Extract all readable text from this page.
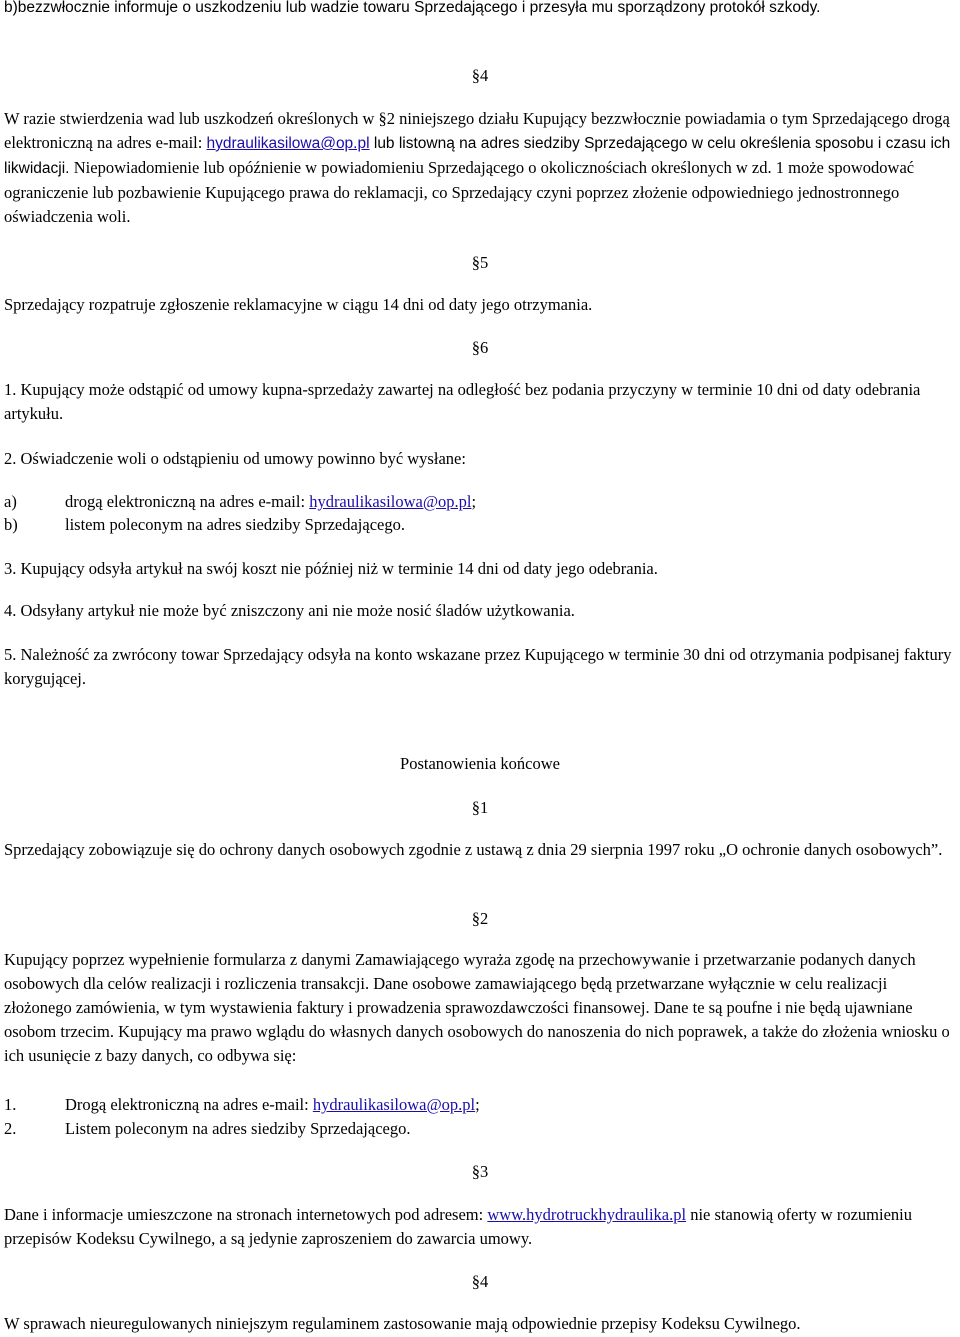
b)bezzwłocznie informuje o uszkodzeniu lub wadzie towaru Sprzedającego i przesyła mu sporządzony protokół szkody.

§4

W razie stwierdzenia wad lub uszkodzeń określonych w §2 niniejszego działu Kupujący bezzwłocznie powiadamia o tym Sprzedającego drogą elektroniczną na adres e-mail: hydraulikasilowa@op.pl lub listowną na adres siedziby Sprzedającego w celu określenia sposobu i czasu ich likwidacji. Niepowiadomienie lub opóźnienie w powiadomieniu Sprzedającego o okolicznościach określonych w zd. 1 może spowodować ograniczenie lub pozbawienie Kupującego prawa do reklamacji, co Sprzedający czyni poprzez złożenie odpowiedniego jednostronnego oświadczenia woli.

§5

Sprzedający rozpatruje zgłoszenie reklamacyjne w ciągu 14 dni od daty jego otrzymania.

§6

1. Kupujący może odstąpić od umowy kupna-sprzedaży zawartej na odległość bez podania przyczyny w terminie 10 dni od daty odebrania artykułu.

2. Oświadczenie woli o odstąpieniu od umowy powinno być wysłane:

a)	drogą elektroniczną na adres e-mail: hydraulikasilowa@op.pl;

b)	listem poleconym na adres siedziby Sprzedającego.

3. Kupujący odsyła artykuł na swój koszt nie później niż w terminie 14 dni od daty jego odebrania.

4. Odsyłany artykuł nie może być zniszczony ani nie może nosić śladów użytkowania.

5. Należność za zwrócony towar Sprzedający odsyła na konto wskazane przez Kupującego w terminie 30 dni od otrzymania podpisanej faktury korygującej.

Postanowienia końcowe

§1

Sprzedający zobowiązuje się do ochrony danych osobowych zgodnie z ustawą z dnia 29 sierpnia 1997 roku „O ochronie danych osobowych”.

§2

Kupujący poprzez wypełnienie formularza z danymi Zamawiającego wyraża zgodę na przechowywanie i przetwarzanie podanych danych osobowych dla celów realizacji i rozliczenia transakcji. Dane osobowe zamawiającego będą przetwarzane wyłącznie w celu realizacji złożonego zamówienia, w tym wystawienia faktury i prowadzenia sprawozdawczości finansowej. Dane te są poufne i nie będą ujawniane osobom trzecim. Kupujący ma prawo wglądu do własnych danych osobowych do nanoszenia do nich poprawek, a także do złożenia wniosku o ich usunięcie z bazy danych, co odbywa się:

1.	Drogą elektroniczną na adres e-mail: hydraulikasilowa@op.pl;

2.	Listem poleconym na adres siedziby Sprzedającego.

§3

Dane i informacje umieszczone na stronach internetowych pod adresem: www.hydrotruckhydraulika.pl nie stanowią oferty w rozumieniu przepisów Kodeksu Cywilnego, a są jedynie zaproszeniem do zawarcia umowy.

§4

W sprawach nieuregulowanych niniejszym regulaminem zastosowanie mają odpowiednie przepisy Kodeksu Cywilnego.
